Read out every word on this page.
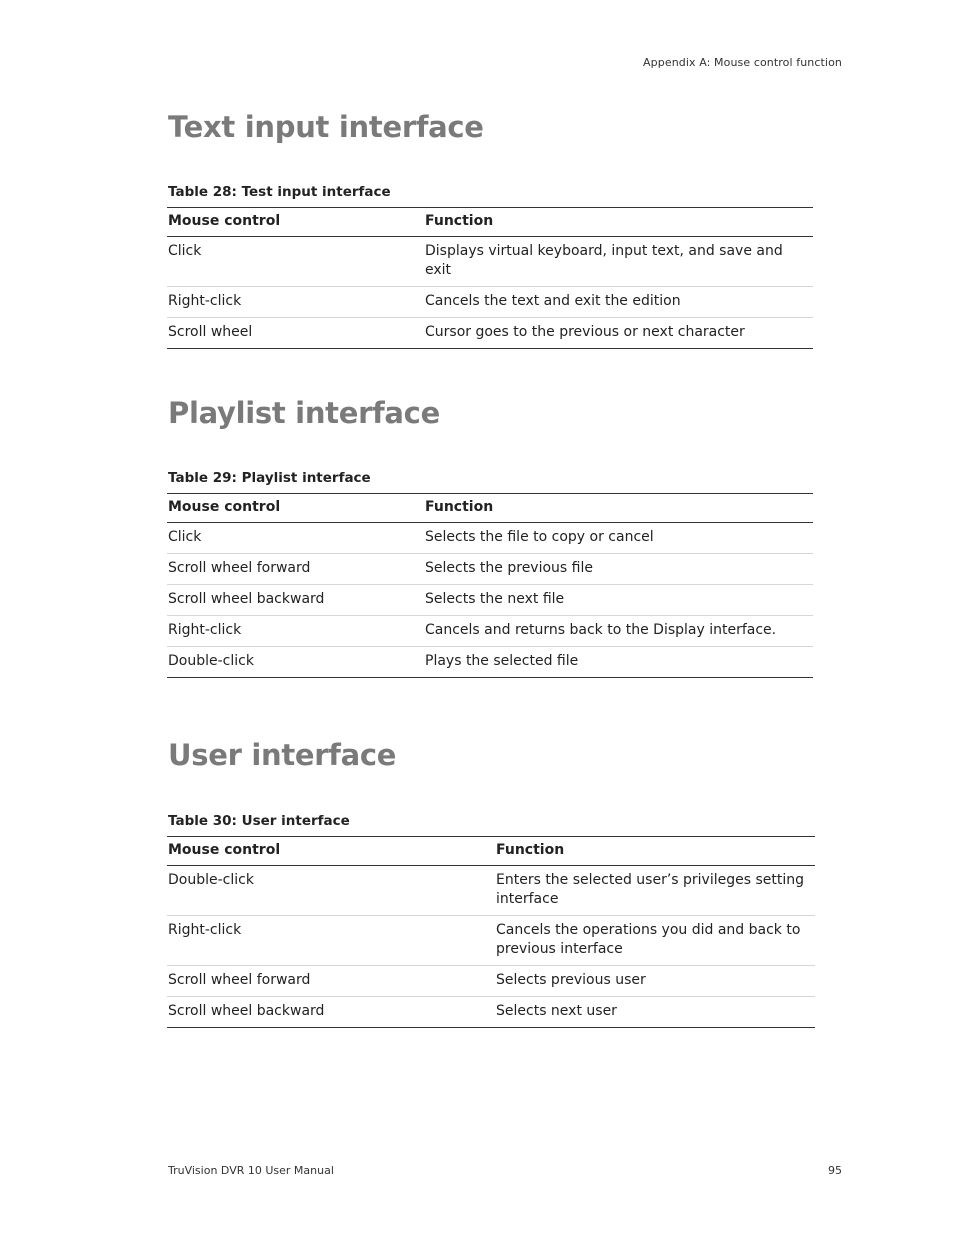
Appendix A: Mouse control function
Text input interface
Table 28: Test input interface
Mouse control	Function
Click	Displays virtual keyboard, input text, and save and exit
Right-click	Cancels the text and exit the edition
Scroll wheel	Cursor goes to the previous or next character
Playlist interface
Table 29: Playlist interface
Mouse control	Function
Click	Selects the file to copy or cancel
Scroll wheel forward	Selects the previous file
Scroll wheel backward	Selects the next file
Right-click	Cancels and returns back to the Display interface.
Double-click	Plays the selected file
User interface
Table 30: User interface
Mouse control	Function
Double-click	Enters the selected user’s privileges setting interface
Right-click	Cancels the operations you did and back to previous interface
Scroll wheel forward	Selects previous user
Scroll wheel backward	Selects next user
TruVision DVR 10 User Manual	95
